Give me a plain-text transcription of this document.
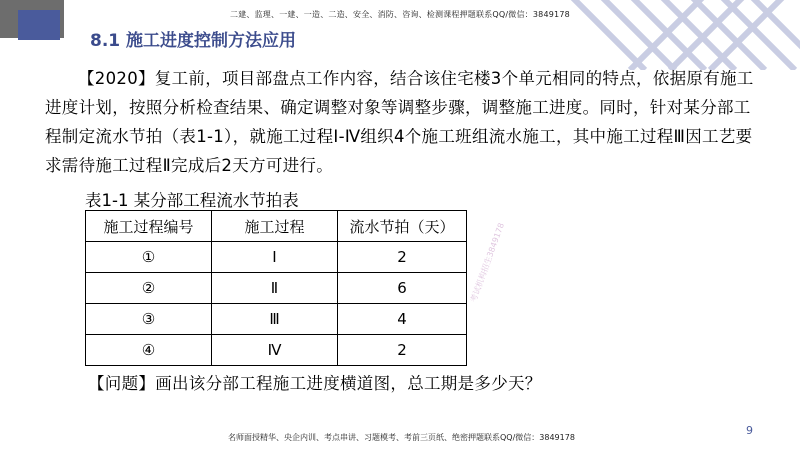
二建、监理、一建、一造、二造、安全、消防、咨询、检测课程押题联系QQ/微信：3849178
8.1 施工进度控制方法应用

【2020】复工前，项目部盘点工作内容，结合该住宅楼3个单元相同的特点，依据原有施工进度计划，按照分析检查结果、确定调整对象等调整步骤，调整施工进度。同时，针对某分部工程制定流水节拍（表1-1），就施工过程Ⅰ-Ⅳ组织4个施工班组流水施工，其中施工过程Ⅲ因工艺要求需待施工过程Ⅱ完成后2天方可进行。

表1-1 某分部工程流水节拍表
施工过程编号	施工过程	流水节拍（天）
①	Ⅰ	2
②	Ⅱ	6
③	Ⅲ	4
④	Ⅳ	2
考试机构招生3849178
【问题】画出该分部工程施工进度横道图，总工期是多少天？
9
名师面授精华、央企内训、考点串讲、习题模考、考前三页纸、绝密押题联系QQ/微信：3849178
